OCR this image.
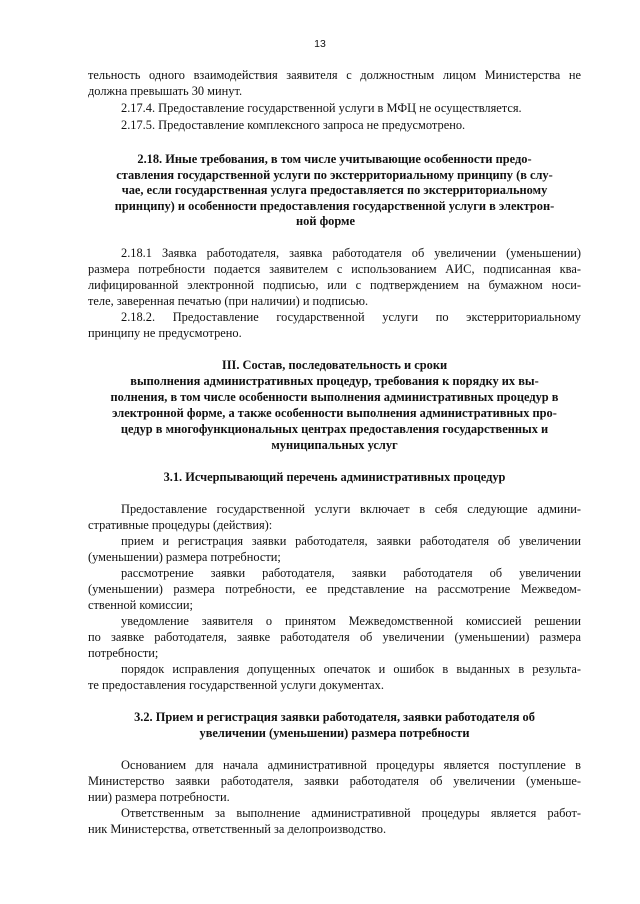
13
тельность одного взаимодействия заявителя с должностным лицом Министерства не
должна превышать 30 минут.
2.17.4. Предоставление государственной услуги в МФЦ не осуществляется.
2.17.5. Предоставление комплексного запроса не предусмотрено.
2.18. Иные требования, в том числе учитывающие особенности предо-
ставления государственной услуги по экстерриториальному принципу (в слу-
чае, если государственная услуга предоставляется по экстерриториальному
принципу) и особенности предоставления государственной услуги в электрон-
ной форме
2.18.1 Заявка работодателя, заявка работодателя об увеличении (уменьшении)
размера потребности подается заявителем с использованием АИС, подписанная ква-
лифицированной электронной подписью, или с подтверждением на бумажном носи-
теле, заверенная печатью (при наличии) и подписью.
2.18.2. Предоставление государственной услуги по экстерриториальному
принципу не предусмотрено.
III. Состав, последовательность и сроки
выполнения административных процедур, требования к порядку их вы-
полнения, в том числе особенности выполнения административных процедур в
электронной форме, а также особенности выполнения административных про-
цедур в многофункциональных центрах предоставления государственных и
муниципальных услуг
3.1. Исчерпывающий перечень административных процедур
Предоставление государственной услуги включает в себя следующие админи-
стративные процедуры (действия):
прием и регистрация заявки работодателя, заявки работодателя об увеличении
(уменьшении) размера потребности;
рассмотрение заявки работодателя, заявки работодателя об увеличении
(уменьшении) размера потребности, ее представление на рассмотрение Межведом-
ственной комиссии;
уведомление заявителя о принятом Межведомственной комиссией решении
по заявке работодателя, заявке работодателя об увеличении (уменьшении) размера
потребности;
порядок исправления допущенных опечаток и ошибок в выданных в результа-
те предоставления государственной услуги документах.
3.2. Прием и регистрация заявки работодателя, заявки работодателя об
увеличении (уменьшении) размера потребности
Основанием для начала административной процедуры является поступление в
Министерство заявки работодателя, заявки работодателя об увеличении (уменьше-
нии) размера потребности.
Ответственным за выполнение административной процедуры является работ-
ник Министерства, ответственный за делопроизводство.
